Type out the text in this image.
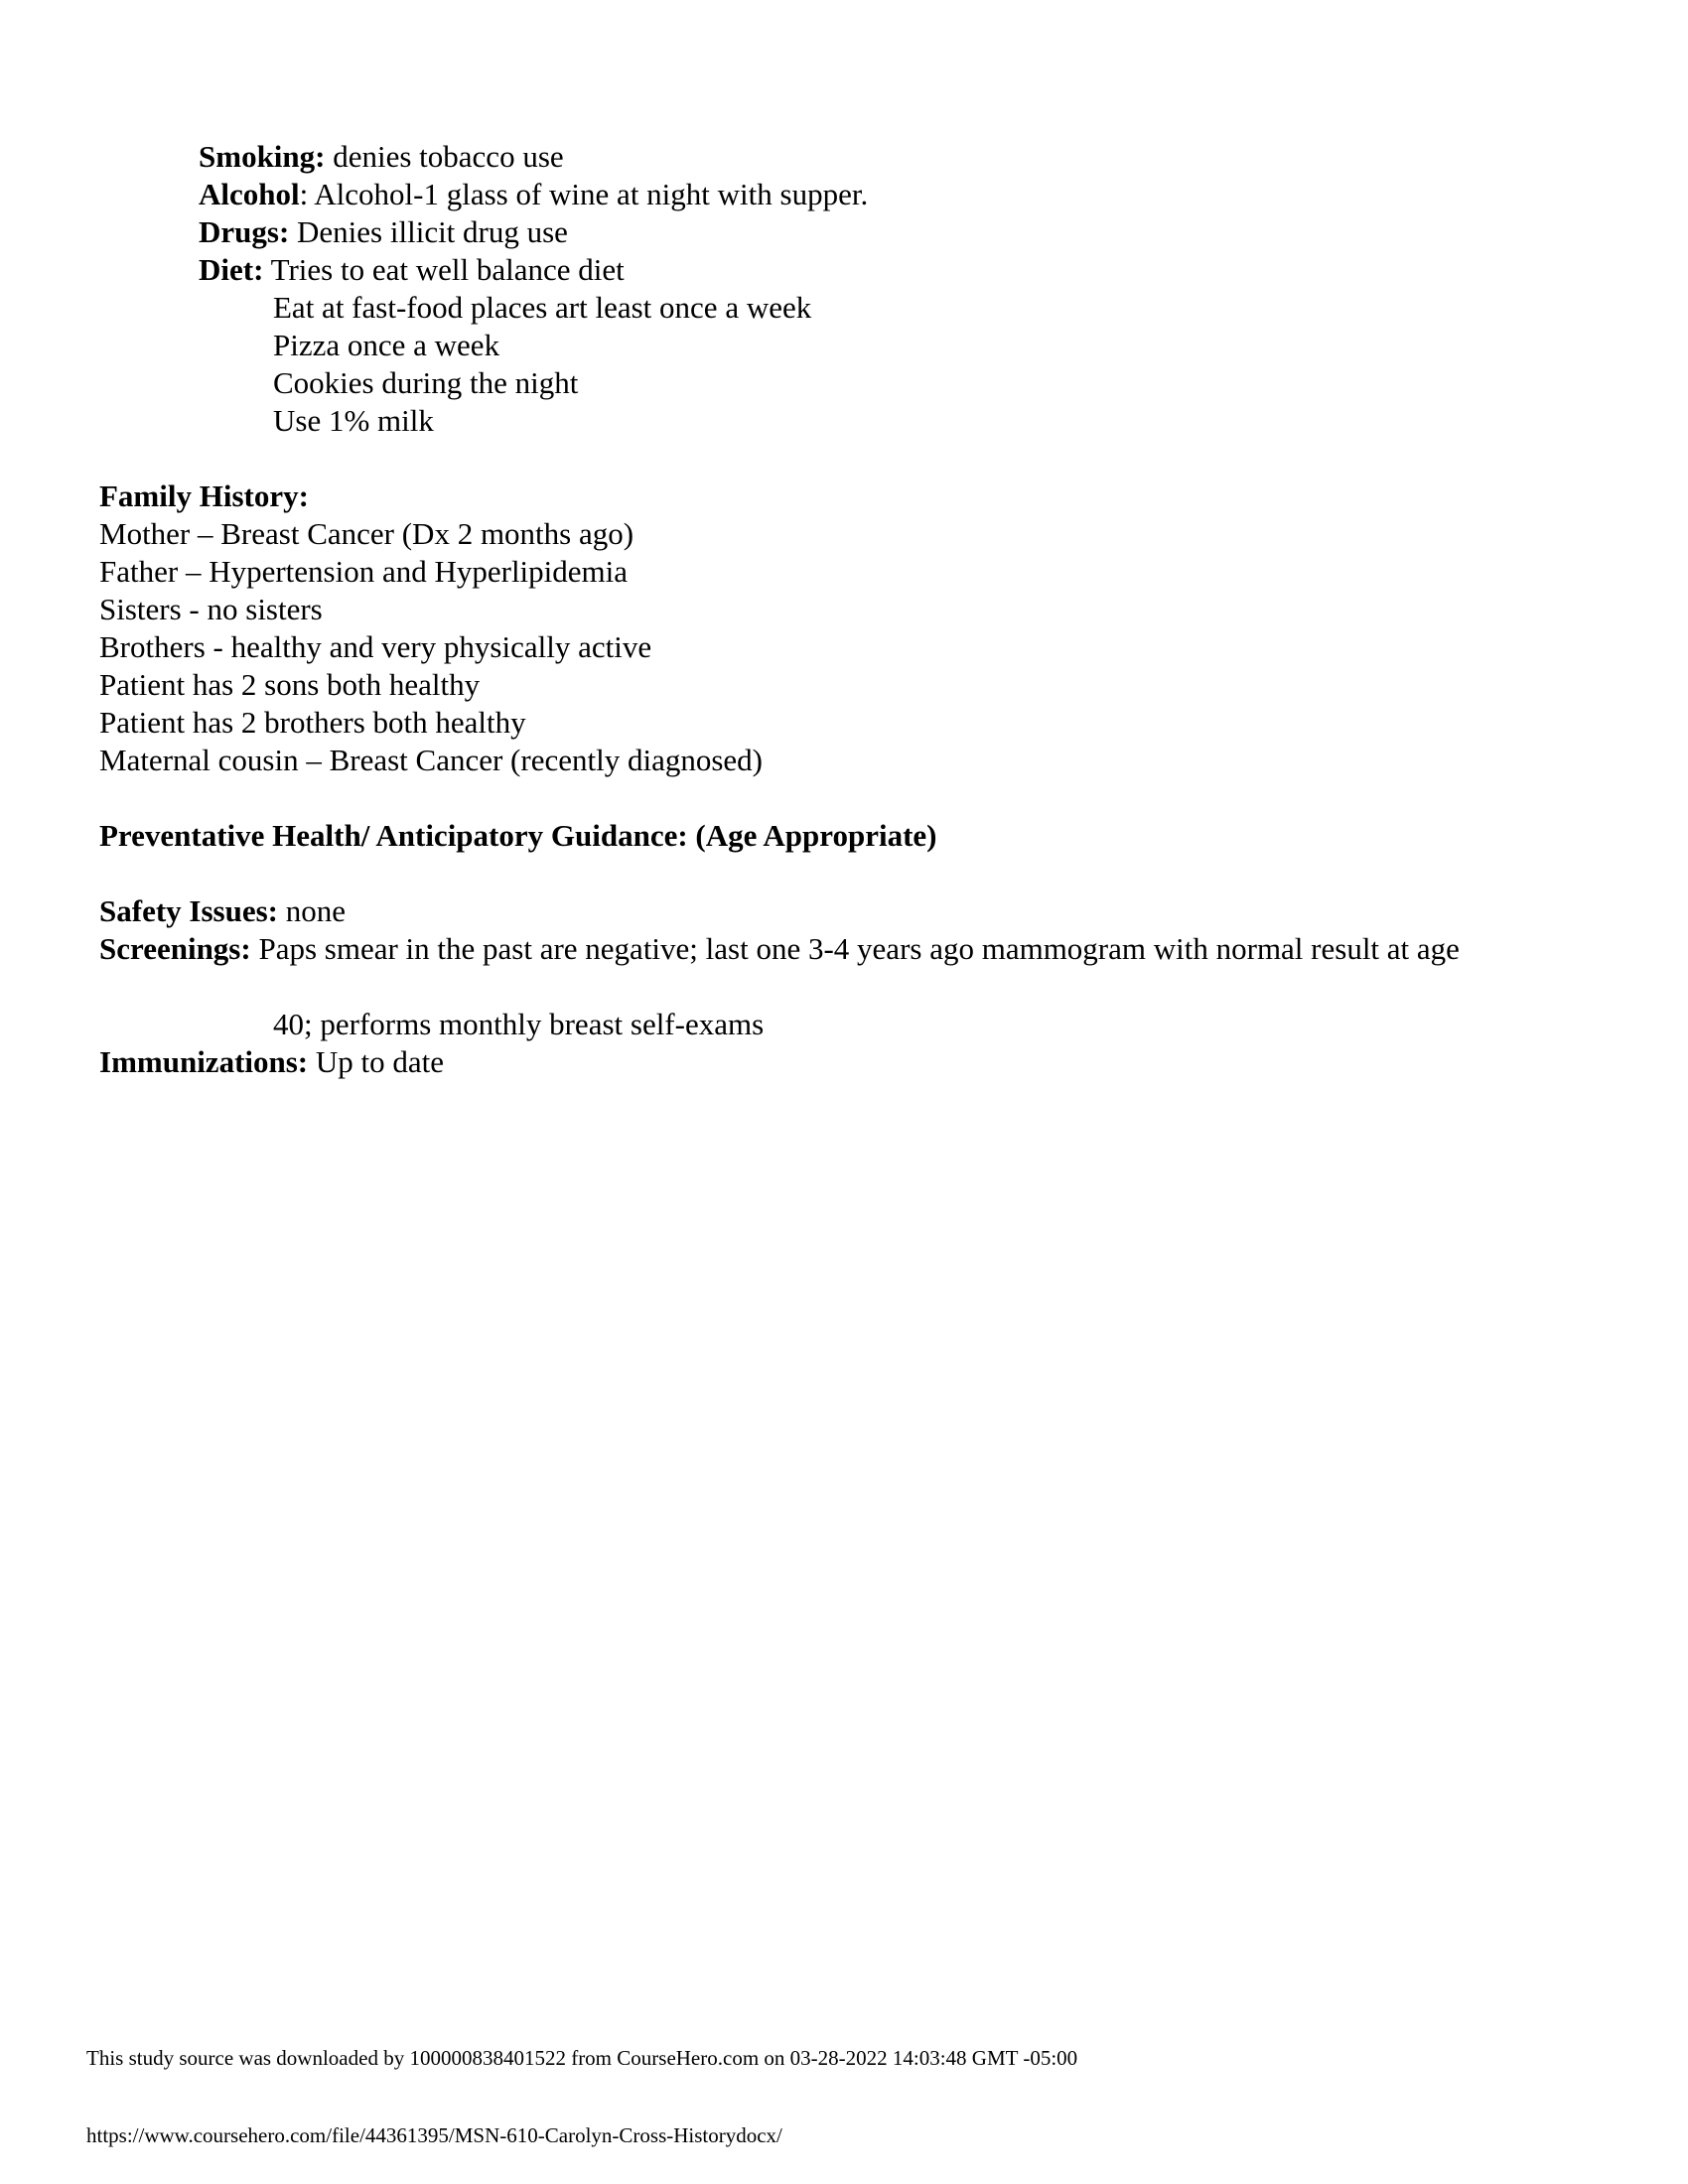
Smoking: denies tobacco use
Alcohol: Alcohol-1 glass of wine at night with supper.
Drugs: Denies illicit drug use
Diet: Tries to eat well balance diet
Eat at fast-food places art least once a week
Pizza once a week
Cookies during the night
Use 1% milk
Family History:
Mother – Breast Cancer (Dx 2 months ago)
Father – Hypertension and Hyperlipidemia
Sisters - no sisters
Brothers - healthy and very physically active
Patient has 2 sons both healthy
Patient has 2 brothers both healthy
Maternal cousin – Breast Cancer (recently diagnosed)
Preventative Health/ Anticipatory Guidance: (Age Appropriate)
Safety Issues: none
Screenings: Paps smear in the past are negative; last one 3-4 years ago mammogram with normal result at age
40; performs monthly breast self-exams
Immunizations: Up to date
This study source was downloaded by 100000838401522 from CourseHero.com on 03-28-2022 14:03:48 GMT -05:00
https://www.coursehero.com/file/44361395/MSN-610-Carolyn-Cross-Historydocx/
